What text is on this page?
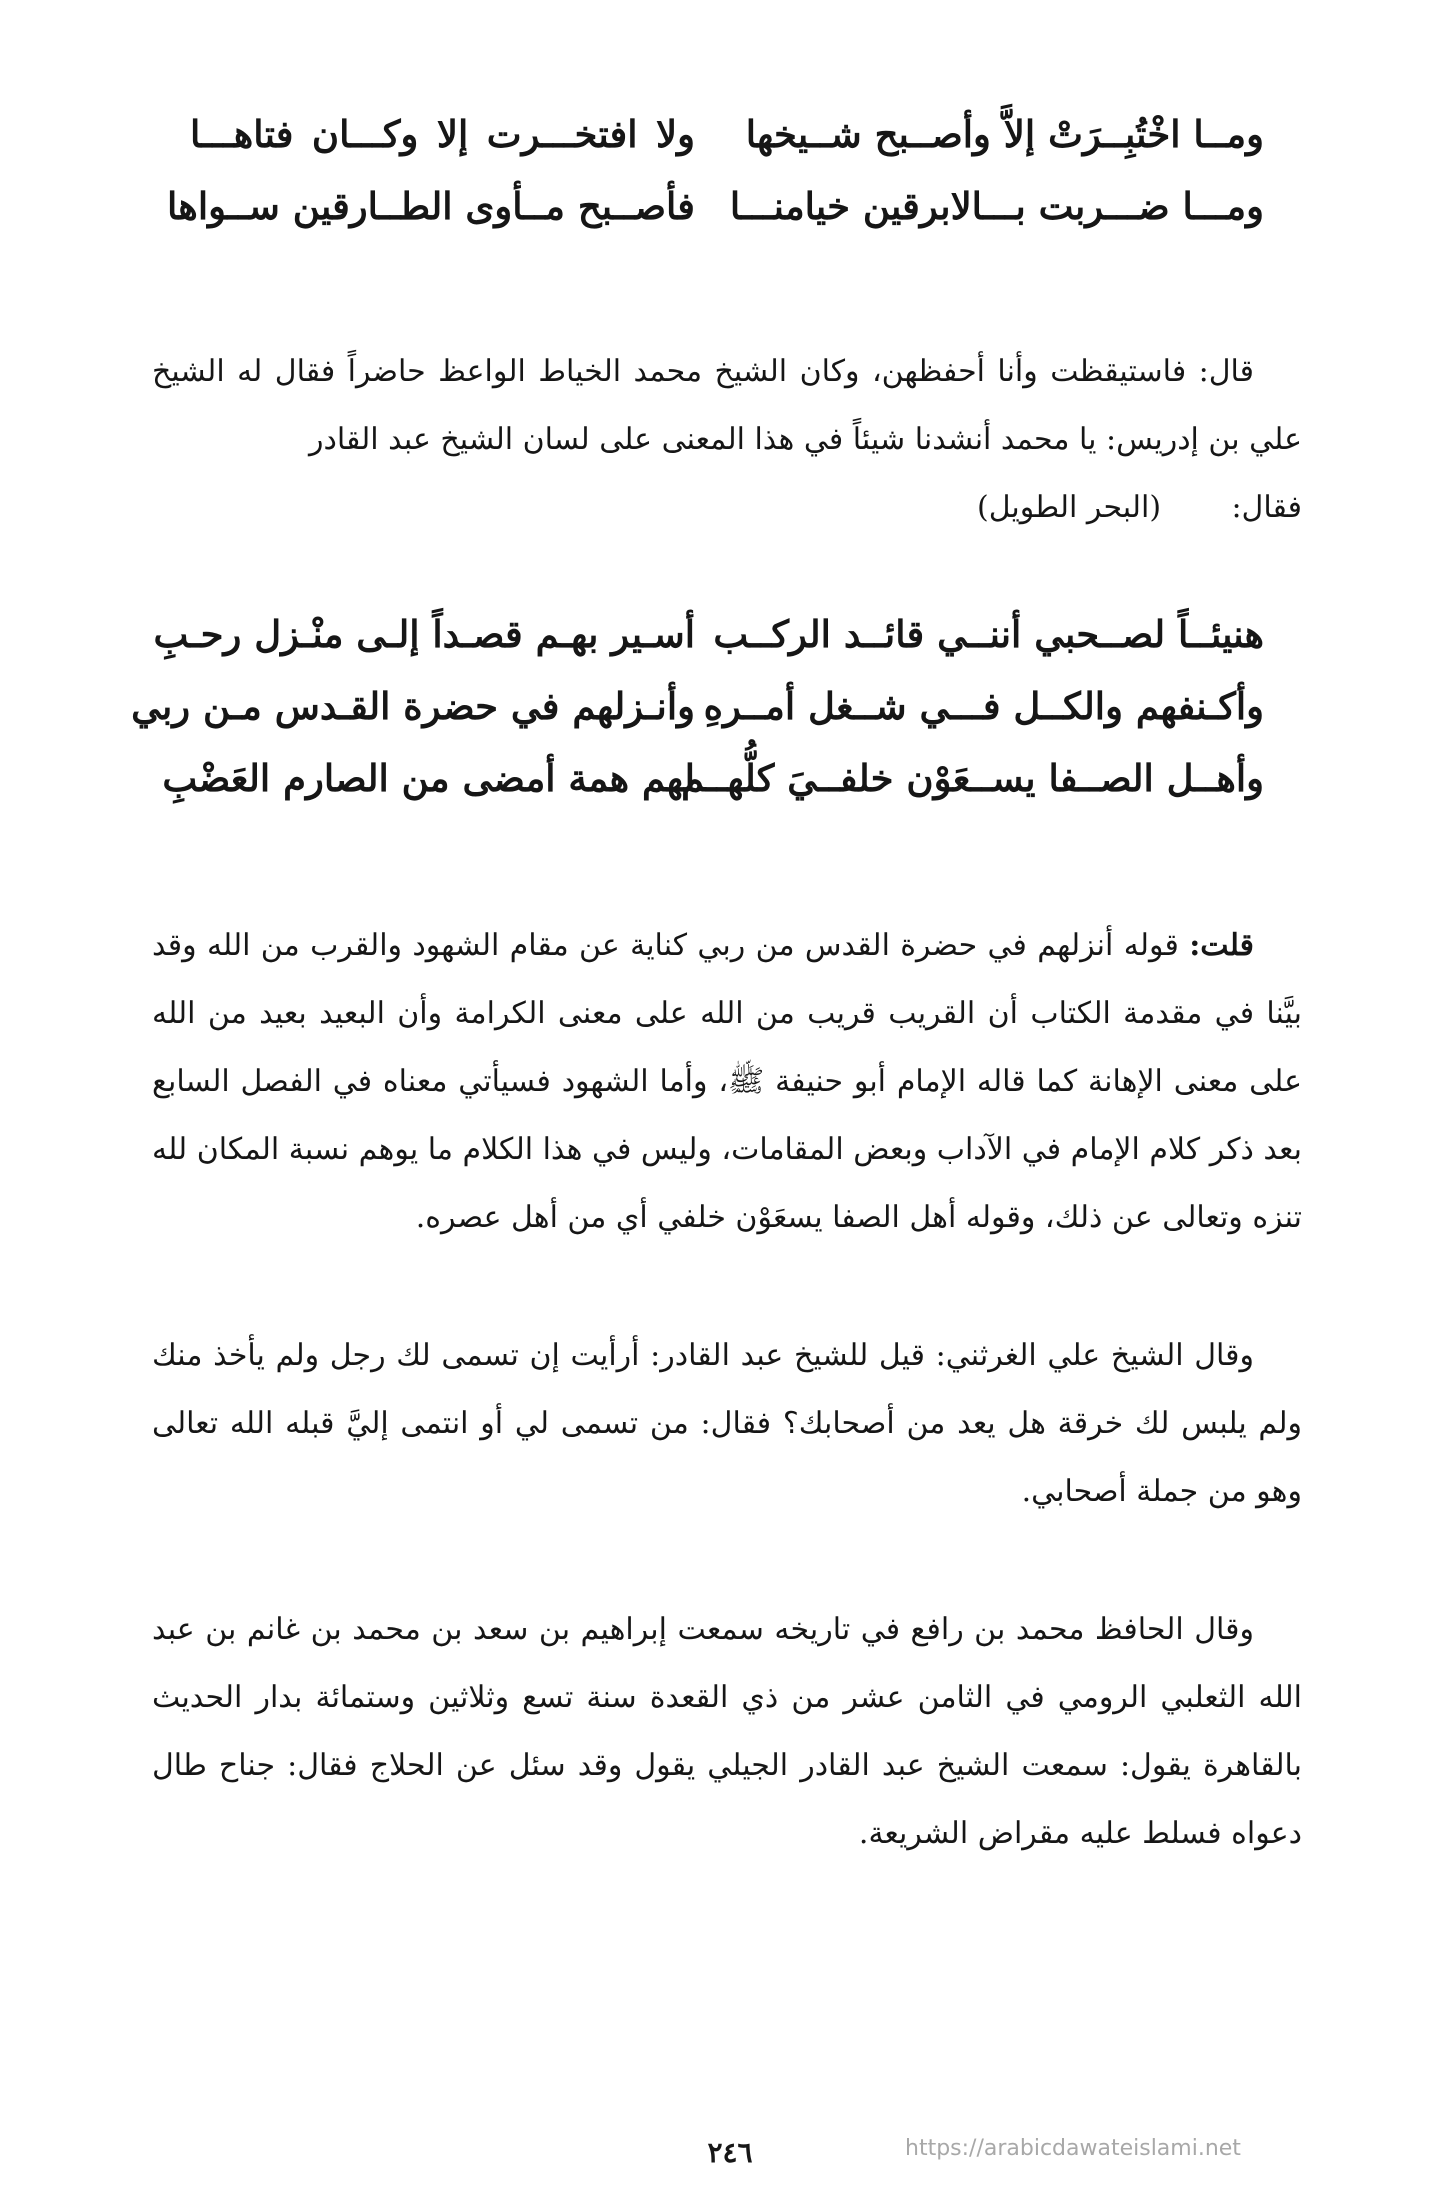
ومــا اخْتُبِــرَتْ إلاَّ وأصــبح شــيخها
ولا افتخـــرت إلا وكـــان فتاهـــا
ومـــا ضـــربت بـــالابرقين خيامنـــا
فأصــبح مــأوى الطــارقين ســواها

قال: فاستيقظت وأنا أحفظهن، وكان الشيخ محمد الخياط الواعظ حاضراً فقال له الشيخ علي بن إدريس: يا محمد أنشدنا شيئاً في هذا المعنى على لسان الشيخ عبد القادر

فقال:
(البحر الطويل)
هنيئــاً لصــحبي أننــي قائــد الركــب
أسـير بهـم قصـداً إلـى منْـزل رحـبِ
وأكـنفهم والكــل فـــي شــغل أمــرهِ
وأنـزلهم في حضرة القـدس مـن ربي
وأهــل الصــفا يســعَوْن خلفــيَ كلُّهــم
لهم همة أمضى من الصارم العَضْبِ

قلت: قوله أنزلهم في حضرة القدس من ربي كناية عن مقام الشهود والقرب من الله وقد بيَّنا في مقدمة الكتاب أن القريب قريب من الله على معنى الكرامة وأن البعيد بعيد من الله على معنى الإهانة كما قاله الإمام أبو حنيفة ﷺ، وأما الشهود فسيأتي معناه في الفصل السابع بعد ذكر كلام الإمام في الآداب وبعض المقامات، وليس في هذا الكلام ما يوهم نسبة المكان لله تنزه وتعالى عن ذلك، وقوله أهل الصفا يسعَوْن خلفي أي من أهل عصره.

وقال الشيخ علي الغرثني: قيل للشيخ عبد القادر: أرأيت إن تسمى لك رجل ولم يأخذ منك ولم يلبس لك خرقة هل يعد من أصحابك؟ فقال: من تسمى لي أو انتمى إليَّ قبله الله تعالى وهو من جملة أصحابي.

وقال الحافظ محمد بن رافع في تاريخه سمعت إبراهيم بن سعد بن محمد بن غانم بن عبد الله الثعلبي الرومي في الثامن عشر من ذي القعدة سنة تسع وثلاثين وستمائة بدار الحديث بالقاهرة يقول: سمعت الشيخ عبد القادر الجيلي يقول وقد سئل عن الحلاج فقال: جناح طال دعواه فسلط عليه مقراض الشريعة.

٢٤٦	https://arabicdawateislami.net
